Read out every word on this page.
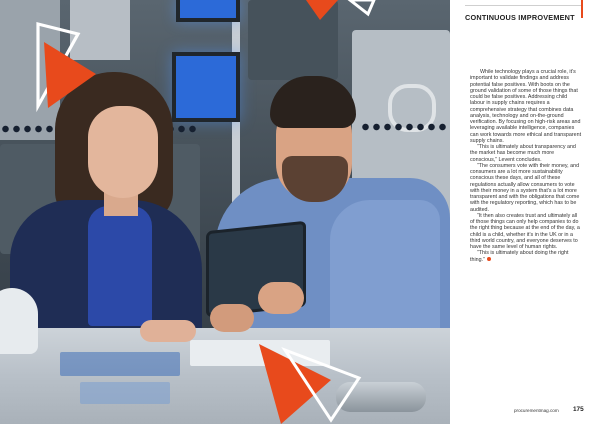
CONTINUOUS IMPROVEMENT

While technology plays a crucial role, it’s important to validate findings and address potential false positives. With boots on the ground validation of some of those things that could be false positives. Addressing child labour in supply chains requires a comprehensive strategy that combines data analysis, technology and on-the-ground verification. By focusing on high-risk areas and leveraging available intelligence, companies can work towards more ethical and transparent supply chains.

“This is ultimately about transparency and the market has become much more conscious,” Levent concludes.

“The consumers vote with their money, and consumers are a lot more sustainability conscious these days, and all of these regulations actually allow consumers to vote with their money in a system that’s a lot more transparent and with the obligations that come with the regulatory reporting, which has to be audited.

“It then also creates trust and ultimately all of those things can only help companies to do the right thing because at the end of the day, a child is a child, whether it’s in the UK or in a third world country, and everyone deserves to have the same level of human rights.

“This is ultimately about doing the right thing.”

procurementmag.com 175
